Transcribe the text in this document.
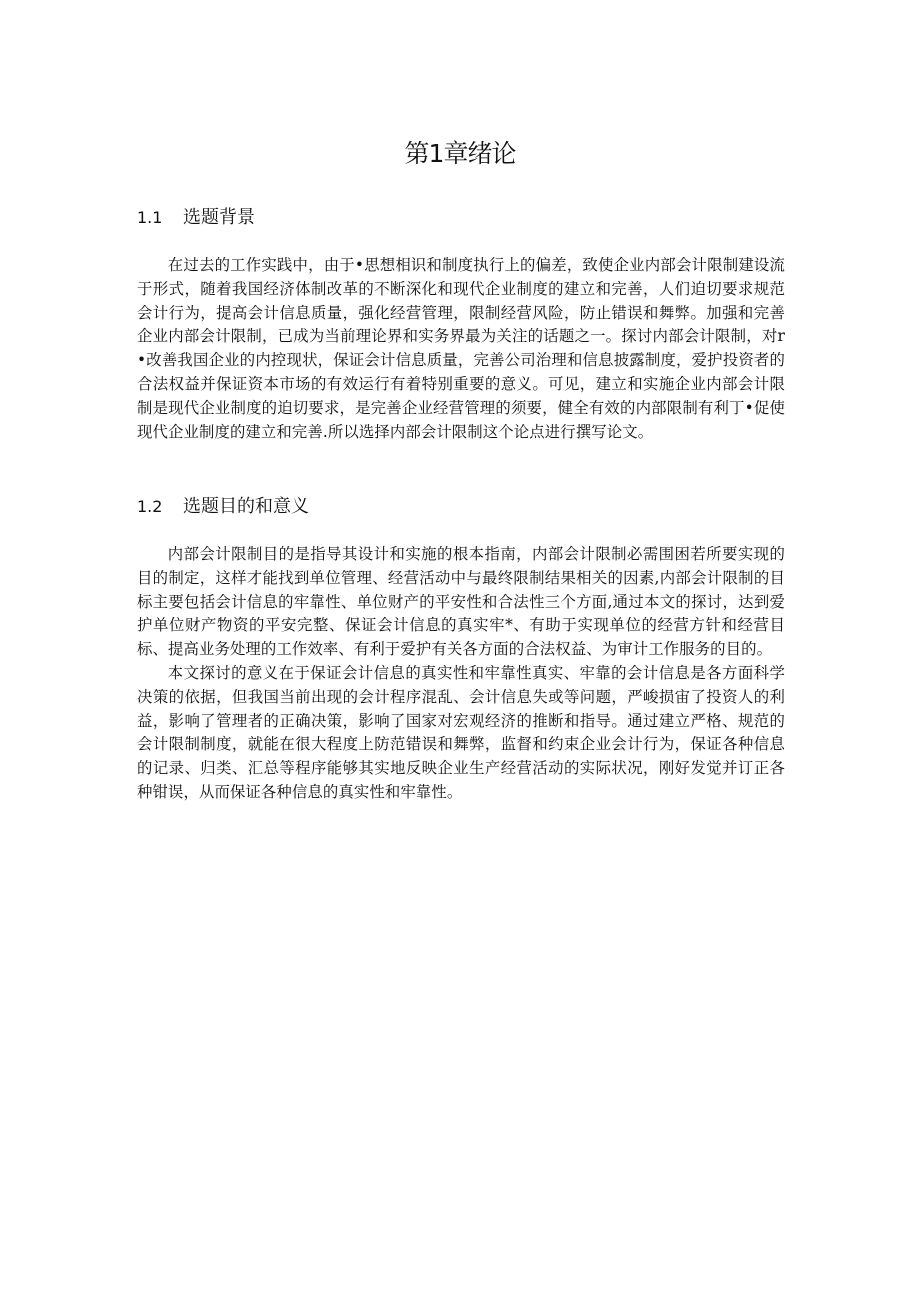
第1章绪论
1.1	选题背景

在过去的工作实践中，由于•思想相识和制度执行上的偏差，致使企业内部会计限制建设流于形式，随着我国经济体制改革的不断深化和现代企业制度的建立和完善，人们迫切要求规范会计行为，提高会计信息质量，强化经营管理，限制经营风险，防止错误和舞弊。加强和完善企业内部会计限制，已成为当前理论界和实务界最为关注的话题之一。探讨内部会计限制，对r•改善我国企业的内控现状，保证会计信息质量，完善公司治理和信息披露制度，爱护投资者的合法权益并保证资本市场的有效运行有着特别重要的意义。可见，建立和实施企业内部会计限制是现代企业制度的迫切要求，是完善企业经营管理的须要，健全有效的内部限制有利丁•促使现代企业制度的建立和完善.所以选择内部会计限制这个论点进行撰写论文。

1.2	选题目的和意义

内部会计限制目的是指导其设计和实施的根本指南，内部会计限制必需围困若所要实现的目的制定，这样才能找到单位管理、经营活动中与最终限制结果相关的因素,内部会计限制的目标主要包括会计信息的牢靠性、单位财产的平安性和合法性三个方面,通过本文的探讨，达到爱护单位财产物资的平安完整、保证会计信息的真实牢*、有助于实现单位的经营方针和经营目标、提高业务处理的工作效率、有利于爱护有关各方面的合法权益、为审计工作服务的目的。

本文探讨的意义在于保证会计信息的真实性和牢靠性真实、牢靠的会计信息是各方面科学决策的依据，但我国当前出现的会计程序混乱、会计信息失或等问题，严峻损宙了投资人的利益，影响了管理者的正确决策，影响了国家对宏观经济的推断和指导。通过建立严格、规范的会计限制制度，就能在很大程度上防范错误和舞弊，监督和约束企业会计行为，保证各种信息的记录、归类、汇总等程序能够其实地反映企业生产经营活动的实际状况，刚好发觉并订正各种钳误，从而保证各种信息的真实性和牢靠性。
